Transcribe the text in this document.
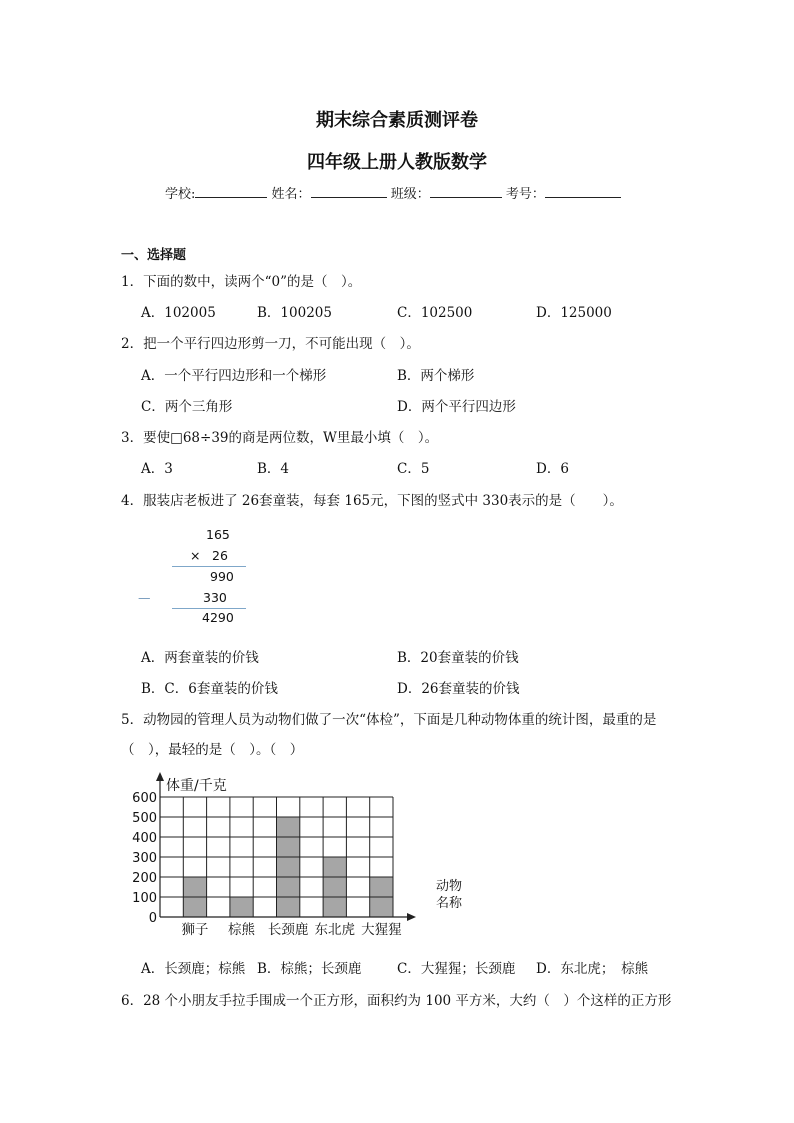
期末综合素质测评卷
四年级上册人教版数学
学校:	姓名：	班级：	考号：
一、选择题
1．下面的数中，读两个“0”的是（　）。
A．102005	B．100205	C．102500	D．125000
2．把一个平行四边形剪一刀，不可能出现（　）。
A．一个平行四边形和一个梯形	B．两个梯形
C．两个三角形	D．两个平行四边形
3．要使□68÷39的商是两位数，W里最小填（　）。
A．3	B．4	C．5	D．6
4．服装店老板进了 26套童装，每套 165元，下图的竖式中 330表示的是（　　）。
165
× 26
990
330
—
4290
A．两套童装的价钱	B．20套童装的价钱
B．C．6套童装的价钱	D．26套童装的价钱
5．动物园的管理人员为动物们做了一次“体检”，下面是几种动物体重的统计图，最重的是
（　），最轻的是（　）。（　）
体重/千克
动物
名称
0
100
200
300
400
500
600
狮子 棕熊 长颈鹿 东北虎 大猩猩
A．长颈鹿；棕熊 B．棕熊；长颈鹿	C．大猩猩；长颈鹿 D．东北虎；　棕熊
6．28 个小朋友手拉手围成一个正方形，面积约为 100 平方米，大约（　）个这样的正方形
